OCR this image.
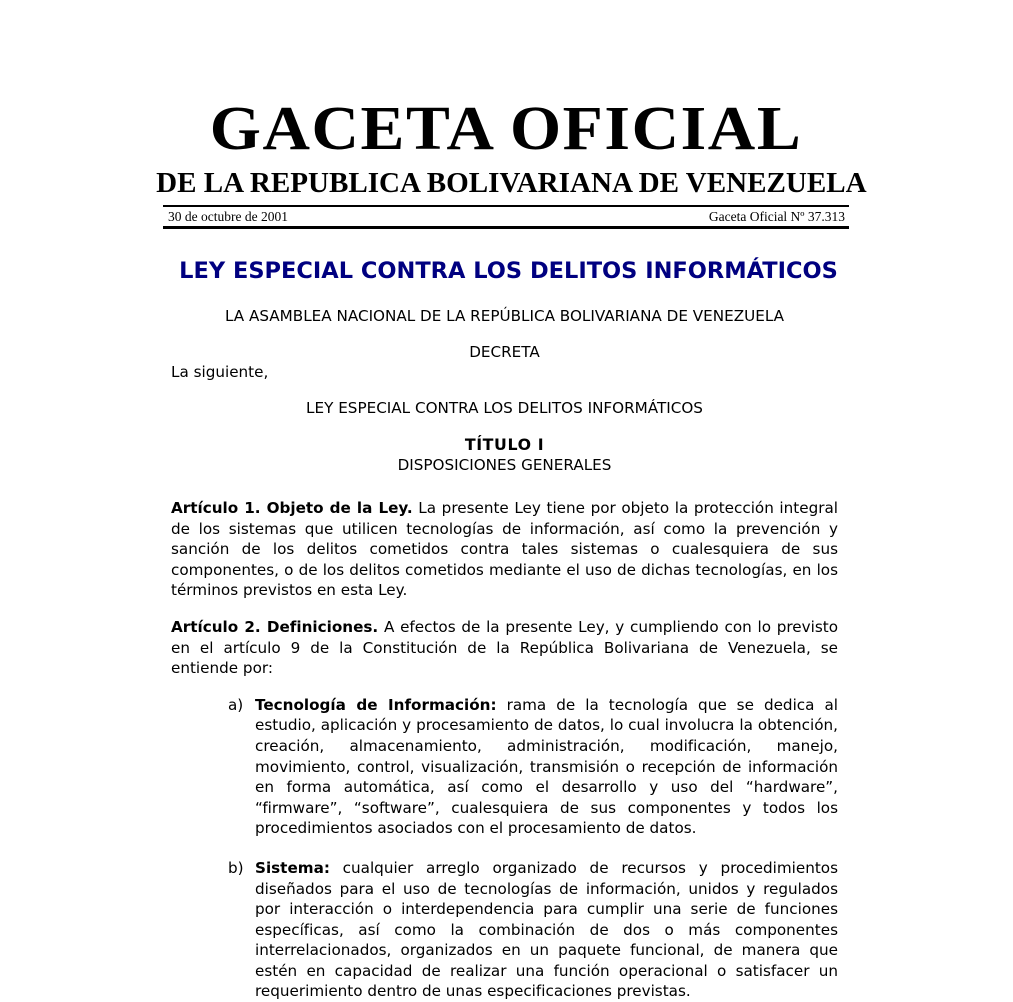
GACETA OFICIAL
DE LA REPUBLICA BOLIVARIANA DE VENEZUELA
30 de octubre de 2001	Gaceta Oficial Nº 37.313
LEY ESPECIAL CONTRA LOS DELITOS INFORMÁTICOS
LA ASAMBLEA NACIONAL DE LA REPÚBLICA BOLIVARIANA DE VENEZUELA
DECRETA
La siguiente,
LEY ESPECIAL CONTRA LOS DELITOS INFORMÁTICOS
TÍTULO I
DISPOSICIONES GENERALES

Artículo 1. Objeto de la Ley. La presente Ley tiene por objeto la protección integral de los sistemas que utilicen tecnologías de información, así como la prevención y sanción de los delitos cometidos contra tales sistemas o cualesquiera de sus componentes, o de los delitos cometidos mediante el uso de dichas tecnologías, en los términos previstos en esta Ley.

Artículo 2. Definiciones. A efectos de la presente Ley, y cumpliendo con lo previsto en el artículo 9 de la Constitución de la República Bolivariana de Venezuela, se entiende por:

a) Tecnología de Información: rama de la tecnología que se dedica al estudio, aplicación y procesamiento de datos, lo cual involucra la obtención, creación, almacenamiento, administración, modificación, manejo, movimiento, control, visualización, transmisión o recepción de información en forma automática, así como el desarrollo y uso del “hardware”, “firmware”, “software”, cualesquiera de sus componentes y todos los procedimientos asociados con el procesamiento de datos.
b) Sistema: cualquier arreglo organizado de recursos y procedimientos diseñados para el uso de tecnologías de información, unidos y regulados por interacción o interdependencia para cumplir una serie de funciones específicas, así como la combinación de dos o más componentes interrelacionados, organizados en un paquete funcional, de manera que estén en capacidad de realizar una función operacional o satisfacer un requerimiento dentro de unas especificaciones previstas.
